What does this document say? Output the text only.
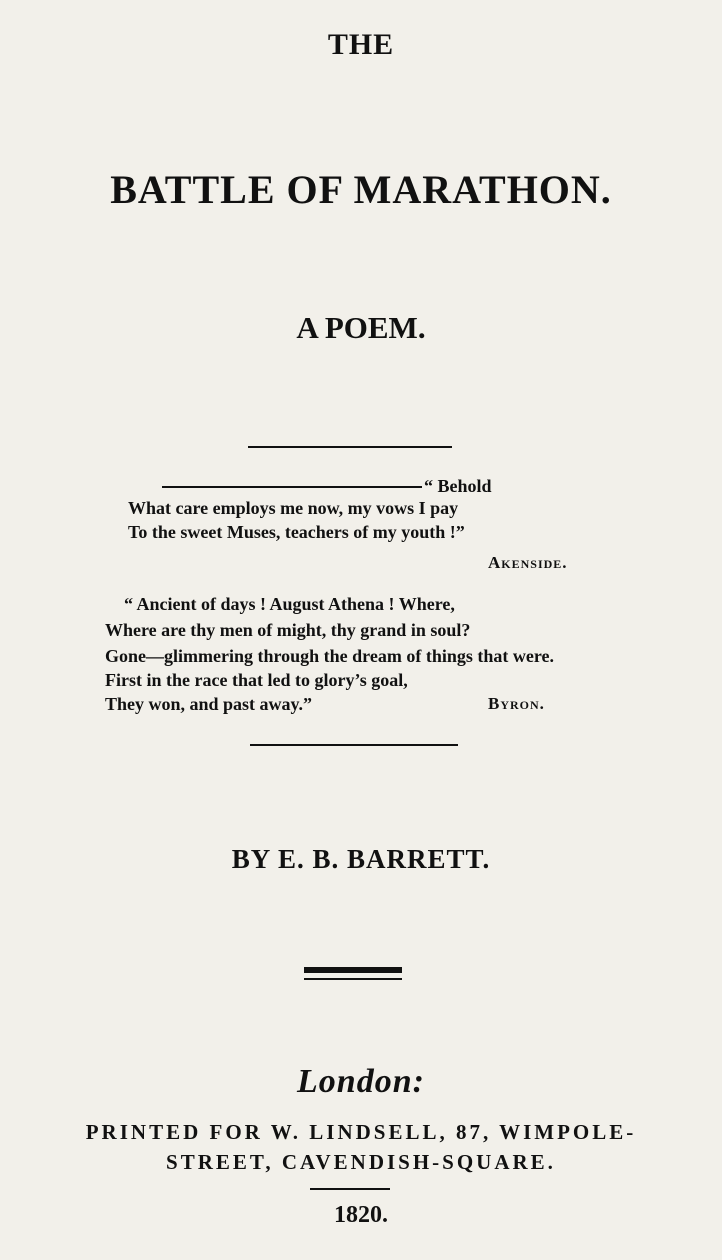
THE
BATTLE OF MARATHON.
A POEM.
“ Behold
What care employs me now, my vows I pay
To the sweet Muses, teachers of my youth !”
Akenside.
“ Ancient of days ! August Athena ! Where,
Where are thy men of might, thy grand in soul?
Gone—glimmering through the dream of things that were.
First in the race that led to glory’s goal,
They won, and past away.”	Byron.
BY E. B. BARRETT.
London:
PRINTED FOR W. LINDSELL, 87, WIMPOLE-
STREET, CAVENDISH-SQUARE.
1820.
